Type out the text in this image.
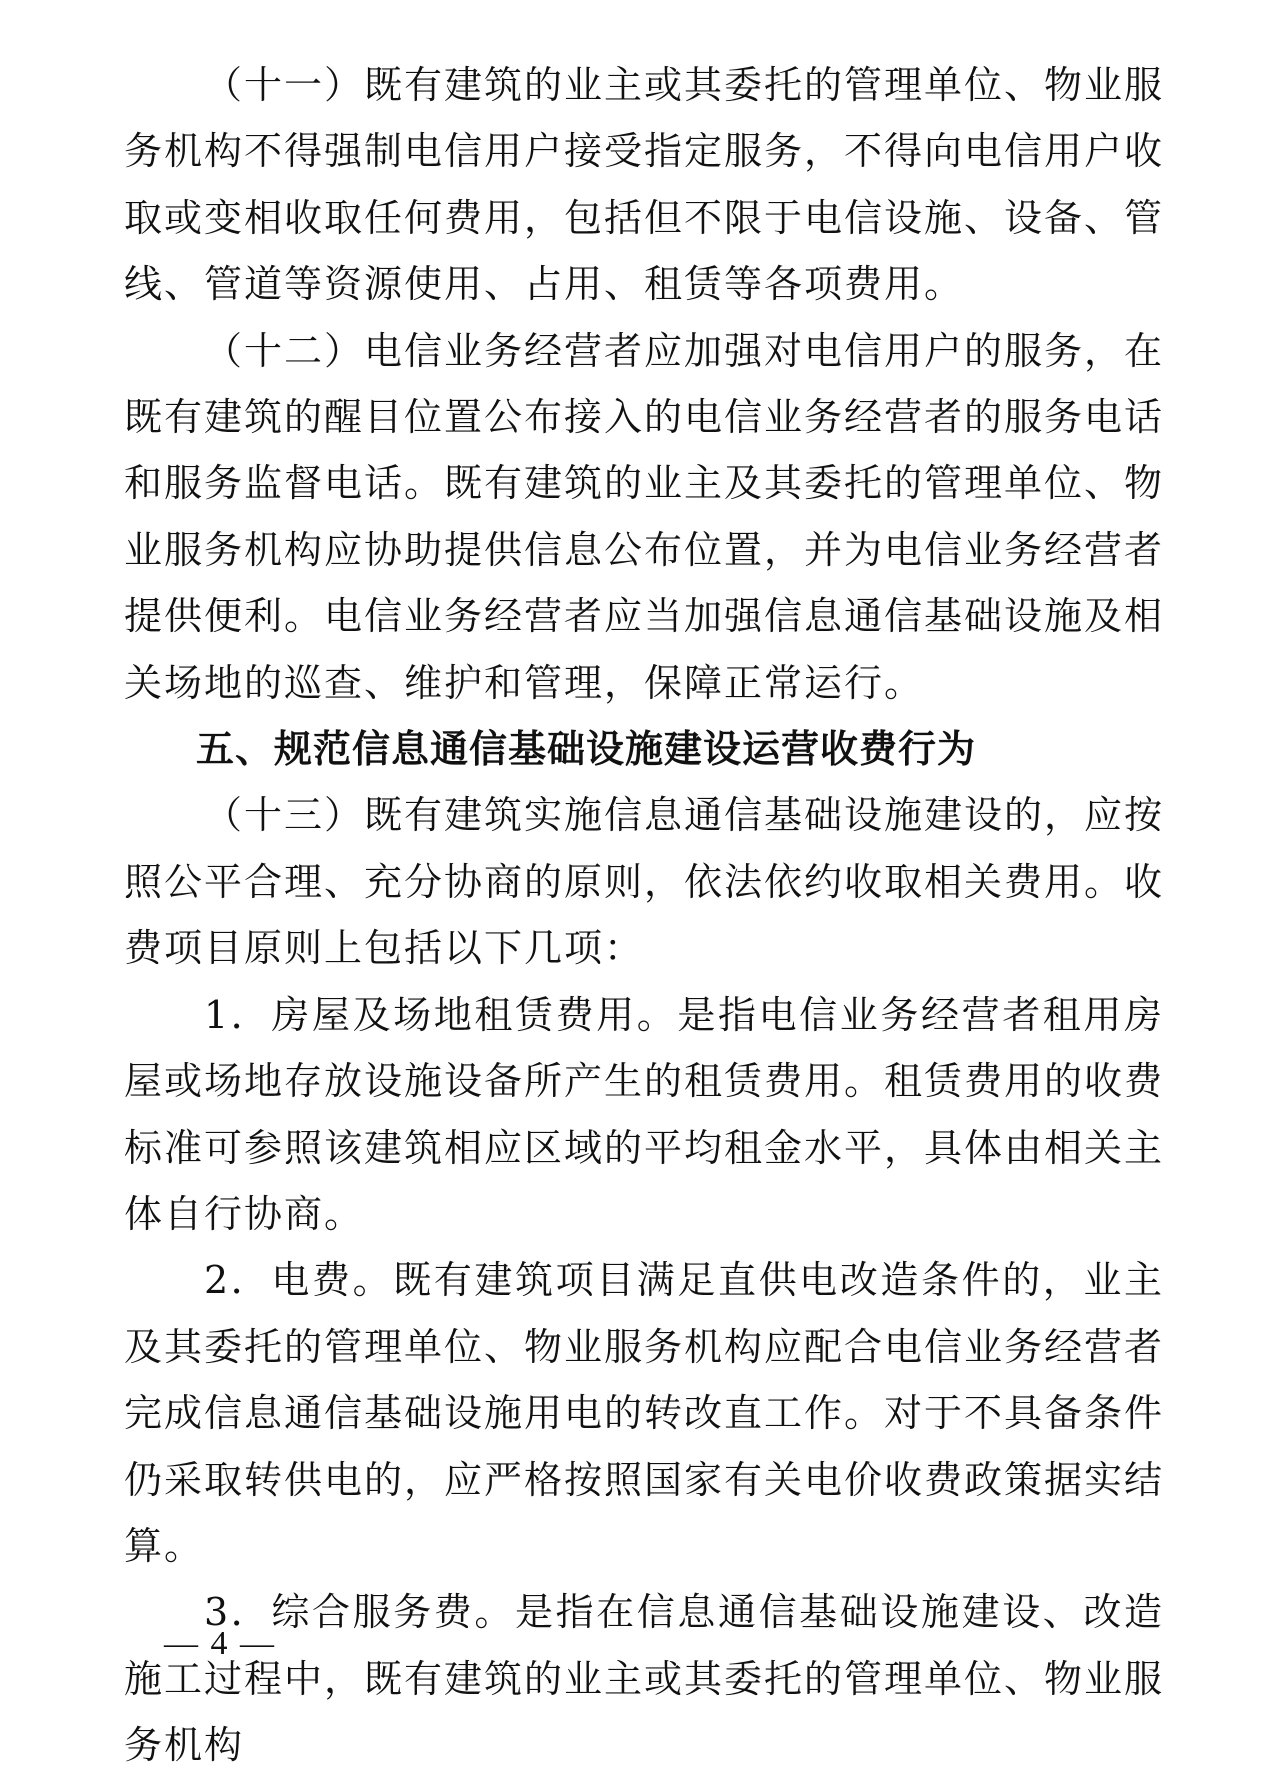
（十一）既有建筑的业主或其委托的管理单位、物业服务机构不得强制电信用户接受指定服务，不得向电信用户收取或变相收取任何费用，包括但不限于电信设施、设备、管线、管道等资源使用、占用、租赁等各项费用。

（十二）电信业务经营者应加强对电信用户的服务，在既有建筑的醒目位置公布接入的电信业务经营者的服务电话和服务监督电话。既有建筑的业主及其委托的管理单位、物业服务机构应协助提供信息公布位置，并为电信业务经营者提供便利。电信业务经营者应当加强信息通信基础设施及相关场地的巡查、维护和管理，保障正常运行。

五、规范信息通信基础设施建设运营收费行为

（十三）既有建筑实施信息通信基础设施建设的，应按照公平合理、充分协商的原则，依法依约收取相关费用。收费项目原则上包括以下几项：

1．房屋及场地租赁费用。是指电信业务经营者租用房屋或场地存放设施设备所产生的租赁费用。租赁费用的收费标准可参照该建筑相应区域的平均租金水平，具体由相关主体自行协商。

2．电费。既有建筑项目满足直供电改造条件的，业主及其委托的管理单位、物业服务机构应配合电信业务经营者完成信息通信基础设施用电的转改直工作。对于不具备条件仍采取转供电的，应严格按照国家有关电价收费政策据实结算。

3．综合服务费。是指在信息通信基础设施建设、改造施工过程中，既有建筑的业主或其委托的管理单位、物业服务机构

— 4 —
